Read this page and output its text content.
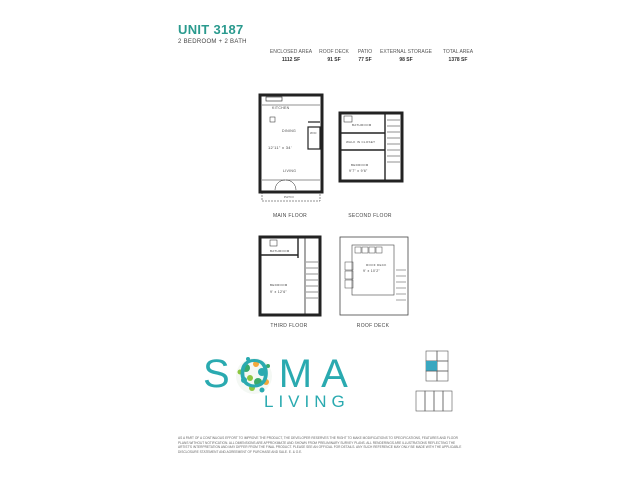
UNIT 3187
2 BEDROOM + 2 BATH
ENCLOSED AREA
1112 SF
ROOF DECK
91 SF
PATIO
77 SF
EXTERNAL STORAGE
98 SF
TOTAL AREA
1378 SF
KITCHEN
DINING
12'11" x 34'
LIVING
W/D
PATIO
BATHROOM
WALK IN CLOSET
BEDROOM
9'7" x 9'6"
BATHROOM
BEDROOM
9' x 12'6"
ROOF DECK
9' x 10'2"
MAIN FLOOR	SECOND FLOOR
THIRD FLOOR	ROOF DECK
SOMA
LIVING
AS A PART OF A CONTINUOUS EFFORT TO IMPROVE THE PRODUCT, THE DEVELOPER RESERVES THE RIGHT TO MAKE MODIFICATIONS TO SPECIFICATIONS, FEATURES AND FLOOR PLANS WITHOUT NOTIFICATION. ALL DIMENSIONS ARE APPROXIMATE AND SHOWN FROM PRELIMINARY SURVEY PLANS. ALL RENDERINGS ARE ILLUSTRATIONS REFLECTING THE ARTIST'S INTERPRETATION AND MAY DIFFER FROM THE FINAL PRODUCT. PLEASE SEE AN OFFICIAL FOR DETAILS. ANY SUCH REFERENCE MAY ONLY BE MADE WITH THE APPLICABLE DISCLOSURE STATEMENT AND AGREEMENT OF PURCHASE AND SALE. E. & O.E.
